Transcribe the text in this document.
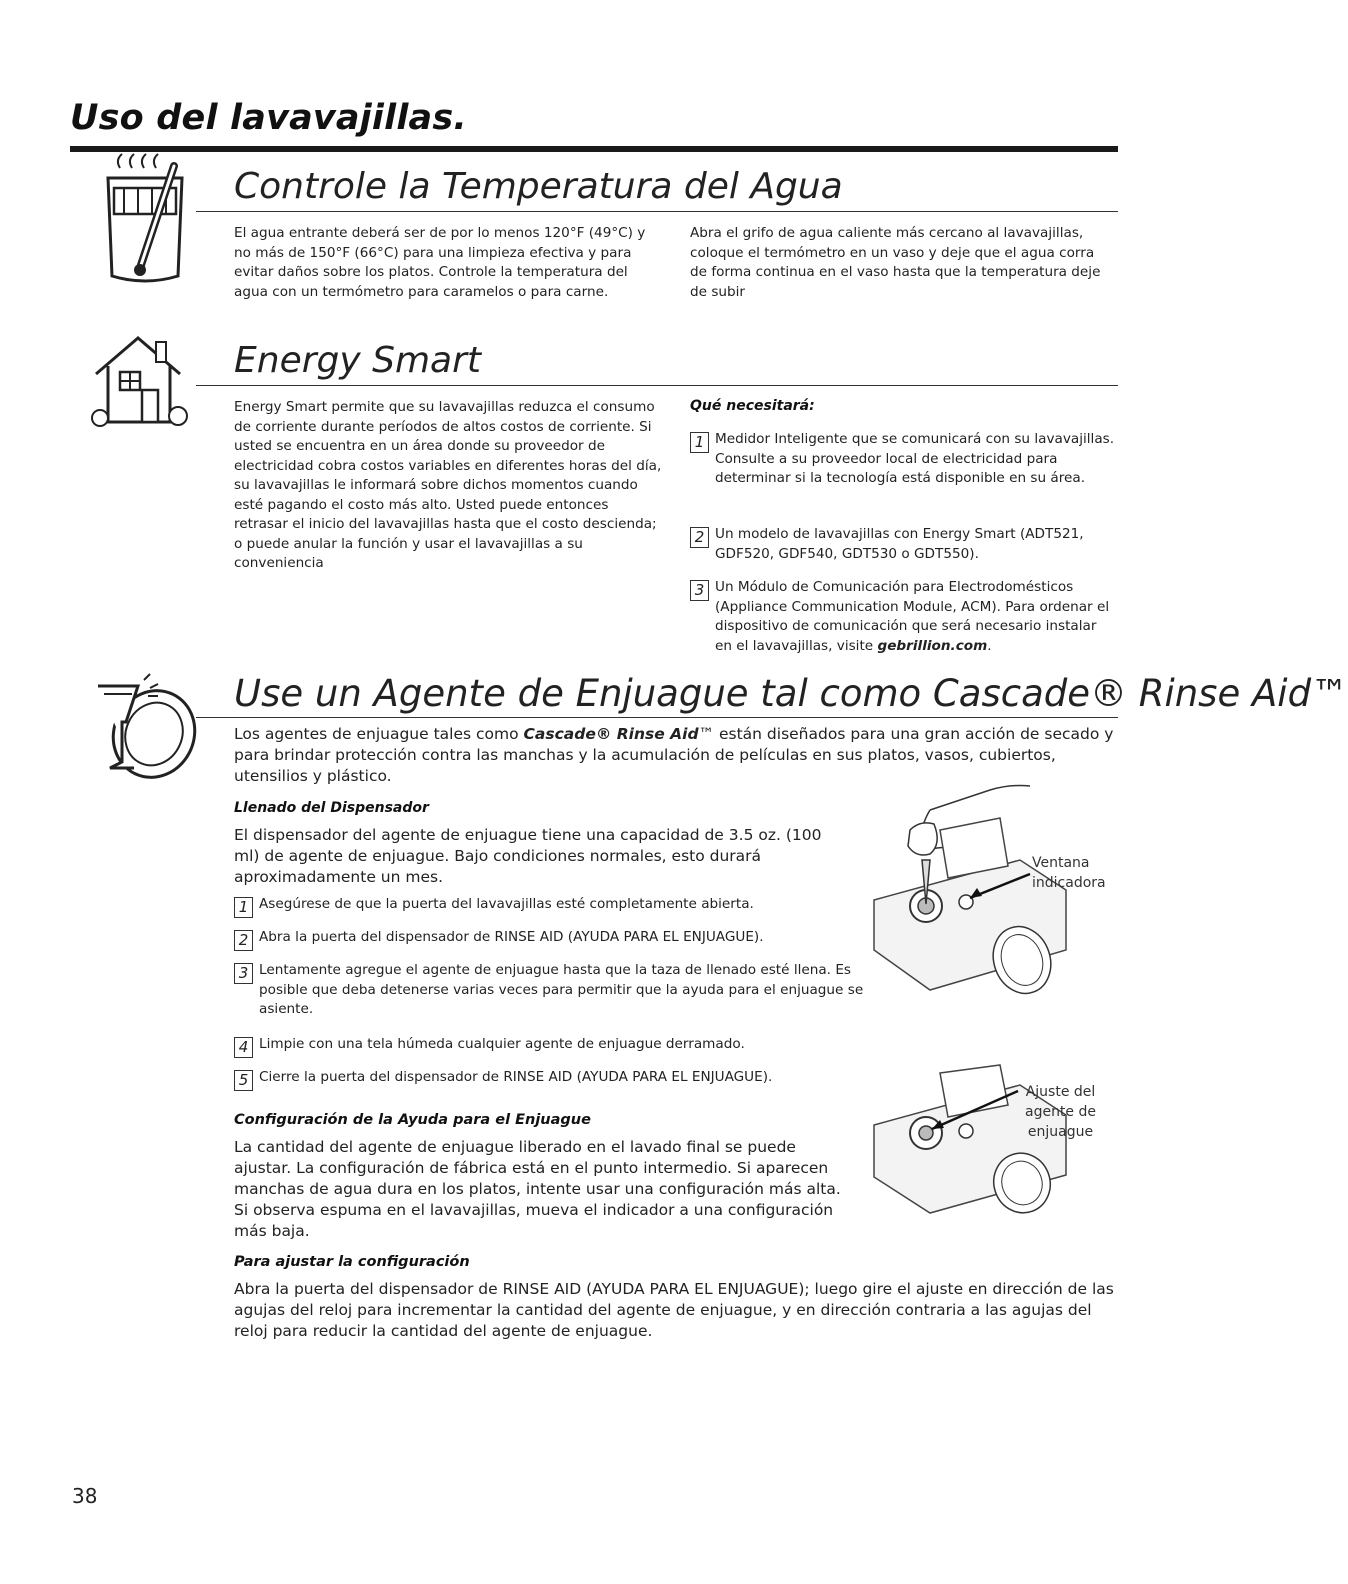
Uso del lavavajillas.
Controle la Temperatura del Agua

El agua entrante deberá ser de por lo menos 120°F (49°C) y no más de 150°F (66°C) para una limpieza efectiva y para evitar daños sobre los platos. Controle la temperatura del agua con un termómetro para caramelos o para carne.

Abra el grifo de agua caliente más cercano al lavavajillas, coloque el termómetro en un vaso y deje que el agua corra de forma continua en el vaso hasta que la temperatura deje de subir

Energy Smart

Energy Smart permite que su lavavajillas reduzca el consumo de corriente durante períodos de altos costos de corriente. Si usted se encuentra en un área donde su proveedor de electricidad cobra costos variables en diferentes horas del día, su lavavajillas le informará sobre dichos momentos cuando esté pagando el costo más alto. Usted puede entonces retrasar el inicio del lavavajillas hasta que el costo descienda; o puede anular la función y usar el lavavajillas a su conveniencia

Qué necesitará:

1 Medidor Inteligente que se comunicará con su lavavajillas. Consulte a su proveedor local de electricidad para determinar si la tecnología está disponible en su área.
2 Un modelo de lavavajillas con Energy Smart (ADT521, GDF520, GDF540, GDT530 o GDT550).
3 Un Módulo de Comunicación para Electrodomésticos (Appliance Communication Module, ACM). Para ordenar el dispositivo de comunicación que será necesario instalar en el lavavajillas, visite gebrillion.com.
Use un Agente de Enjuague tal como Cascade® Rinse Aid™

Los agentes de enjuague tales como Cascade® Rinse Aid™ están diseñados para una gran acción de secado y para brindar protección contra las manchas y la acumulación de películas en sus platos, vasos, cubiertos, utensilios y plástico.

Llenado del Dispensador

El dispensador del agente de enjuague tiene una capacidad de 3.5 oz. (100 ml) de agente de enjuague. Bajo condiciones normales, esto durará aproximadamente un mes.

1 Asegúrese de que la puerta del lavavajillas esté completamente abierta.
2 Abra la puerta del dispensador de RINSE AID (AYUDA PARA EL ENJUAGUE).
3 Lentamente agregue el agente de enjuague hasta que la taza de llenado esté llena. Es posible que deba detenerse varias veces para permitir que la ayuda para el enjuague se asiente.
4 Limpie con una tela húmeda cualquier agente de enjuague derramado.
5 Cierre la puerta del dispensador de RINSE AID (AYUDA PARA EL ENJUAGUE).

Configuración de la Ayuda para el Enjuague

La cantidad del agente de enjuague liberado en el lavado final se puede ajustar. La configuración de fábrica está en el punto intermedio. Si aparecen manchas de agua dura en los platos, intente usar una configuración más alta. Si observa espuma en el lavavajillas, mueva el indicador a una configuración más baja.

Para ajustar la configuración

Abra la puerta del dispensador de RINSE AID (AYUDA PARA EL ENJUAGUE); luego gire el ajuste en dirección de las agujas del reloj para incrementar la cantidad del agente de enjuague, y en dirección contraria a las agujas del reloj para reducir la cantidad del agente de enjuague.

Ventana indicadora
Ajuste del agente de enjuague
38
